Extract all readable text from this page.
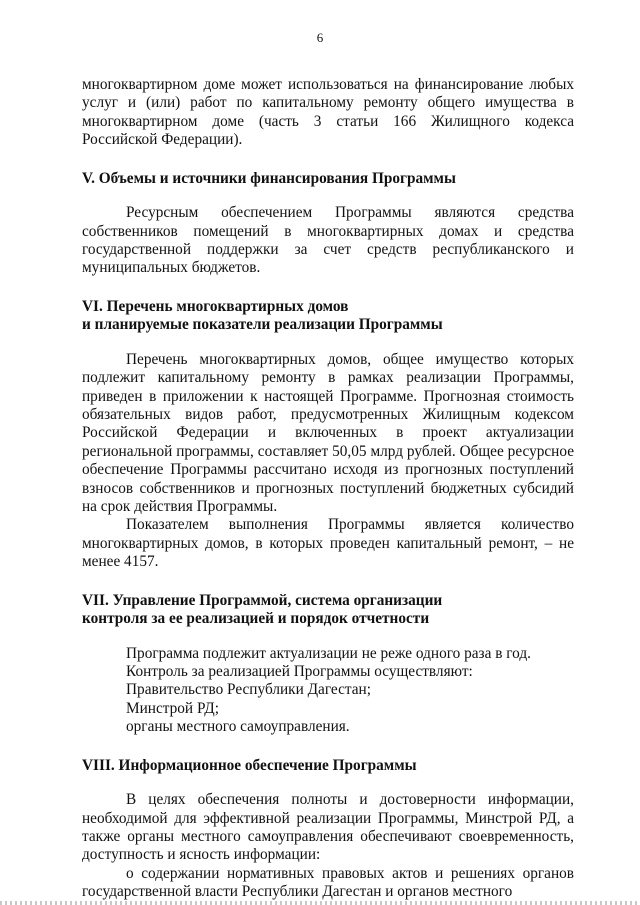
6

многоквартирном доме может использоваться на финансирование любых услуг и (или) работ по капитальному ремонту общего имущества в многоквартирном доме (часть 3 статьи 166 Жилищного кодекса Российской Федерации).

V. Объемы и источники финансирования Программы

Ресурсным обеспечением Программы являются средства собственников помещений в многоквартирных домах и средства государственной поддержки за счет средств республиканского и муниципальных бюджетов.

VI. Перечень многоквартирных домов

и планируемые показатели реализации Программы

Перечень многоквартирных домов, общее имущество которых подлежит капитальному ремонту в рамках реализации Программы, приведен в приложении к настоящей Программе. Прогнозная стоимость обязательных видов работ, предусмотренных Жилищным кодексом Российской Федерации и включенных в проект актуализации региональной программы, составляет 50,05 млрд рублей. Общее ресурсное обеспечение Программы рассчитано исходя из прогнозных поступлений взносов собственников и прогнозных поступлений бюджетных субсидий на срок действия Программы.

Показателем выполнения Программы является количество многоквартирных домов, в которых проведен капитальный ремонт, – не менее 4157.

VII. Управление Программой, система организации

контроля за ее реализацией и порядок отчетности

Программа подлежит актуализации не реже одного раза в год.

Контроль за реализацией Программы осуществляют:

Правительство Республики Дагестан;

Минстрой РД;

органы местного самоуправления.

VIII. Информационное обеспечение Программы

В целях обеспечения полноты и достоверности информации, необходимой для эффективной реализации Программы, Минстрой РД, а также органы местного самоуправления обеспечивают своевременность, доступность и ясность информации:

о содержании нормативных правовых актов и решениях органов государственной власти Республики Дагестан и органов местного
